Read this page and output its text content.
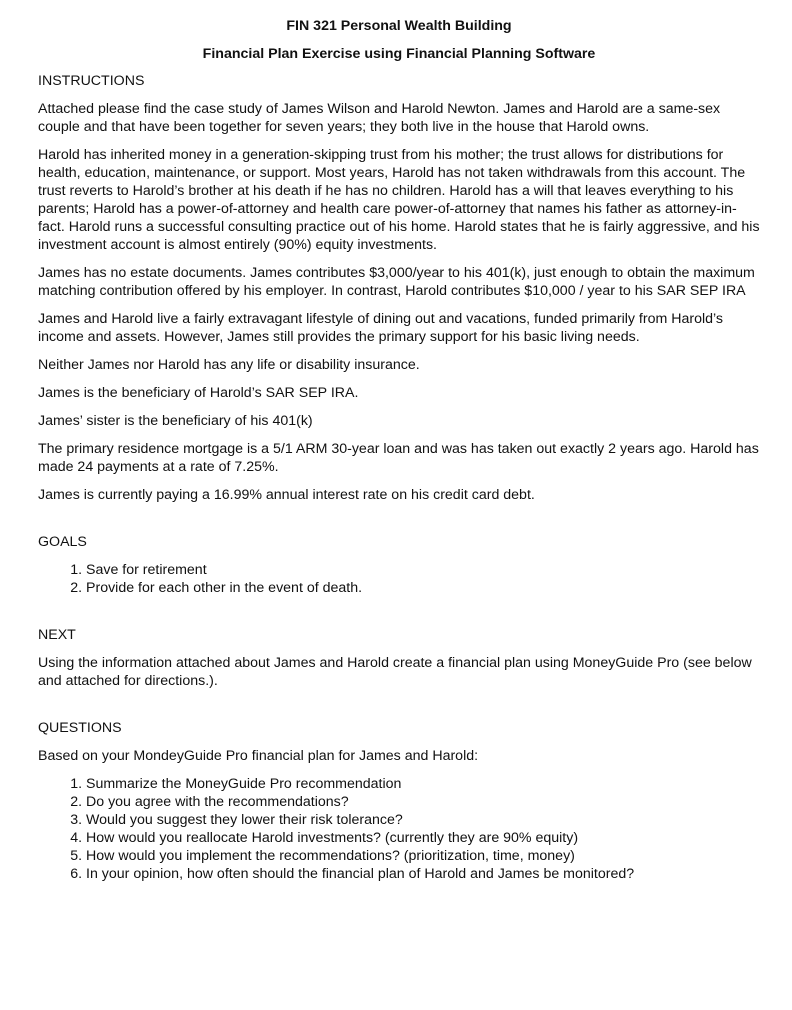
FIN 321 Personal Wealth Building
Financial Plan Exercise using Financial Planning Software
INSTRUCTIONS

Attached please find the case study of James Wilson and Harold Newton. James and Harold are a same-sex couple and that have been together for seven years; they both live in the house that Harold owns.

Harold has inherited money in a generation-skipping trust from his mother; the trust allows for distributions for health, education, maintenance, or support. Most years, Harold has not taken withdrawals from this account. The trust reverts to Harold’s brother at his death if he has no children. Harold has a will that leaves everything to his parents; Harold has a power-of-attorney and health care power-of-attorney that names his father as attorney-in-fact. Harold runs a successful consulting practice out of his home. Harold states that he is fairly aggressive, and his investment account is almost entirely (90%) equity investments.

James has no estate documents. James contributes $3,000/year to his 401(k), just enough to obtain the maximum matching contribution offered by his employer. In contrast, Harold contributes $10,000 / year to his SAR SEP IRA

James and Harold live a fairly extravagant lifestyle of dining out and vacations, funded primarily from Harold’s income and assets. However, James still provides the primary support for his basic living needs.

Neither James nor Harold has any life or disability insurance.

James is the beneficiary of Harold’s SAR SEP IRA.

James’ sister is the beneficiary of his 401(k)

The primary residence mortgage is a 5/1 ARM 30-year loan and was has taken out exactly 2 years ago. Harold has made 24 payments at a rate of 7.25%.

James is currently paying a 16.99% annual interest rate on his credit card debt.

GOALS
1. Save for retirement
2. Provide for each other in the event of death.
NEXT

Using the information attached about James and Harold create a financial plan using MoneyGuide Pro (see below and attached for directions.).

QUESTIONS

Based on your MondeyGuide Pro financial plan for James and Harold:

1. Summarize the MoneyGuide Pro recommendation
2. Do you agree with the recommendations?
3. Would you suggest they lower their risk tolerance?
4. How would you reallocate Harold investments? (currently they are 90% equity)
5. How would you implement the recommendations? (prioritization, time, money)
6. In your opinion, how often should the financial plan of Harold and James be monitored?
